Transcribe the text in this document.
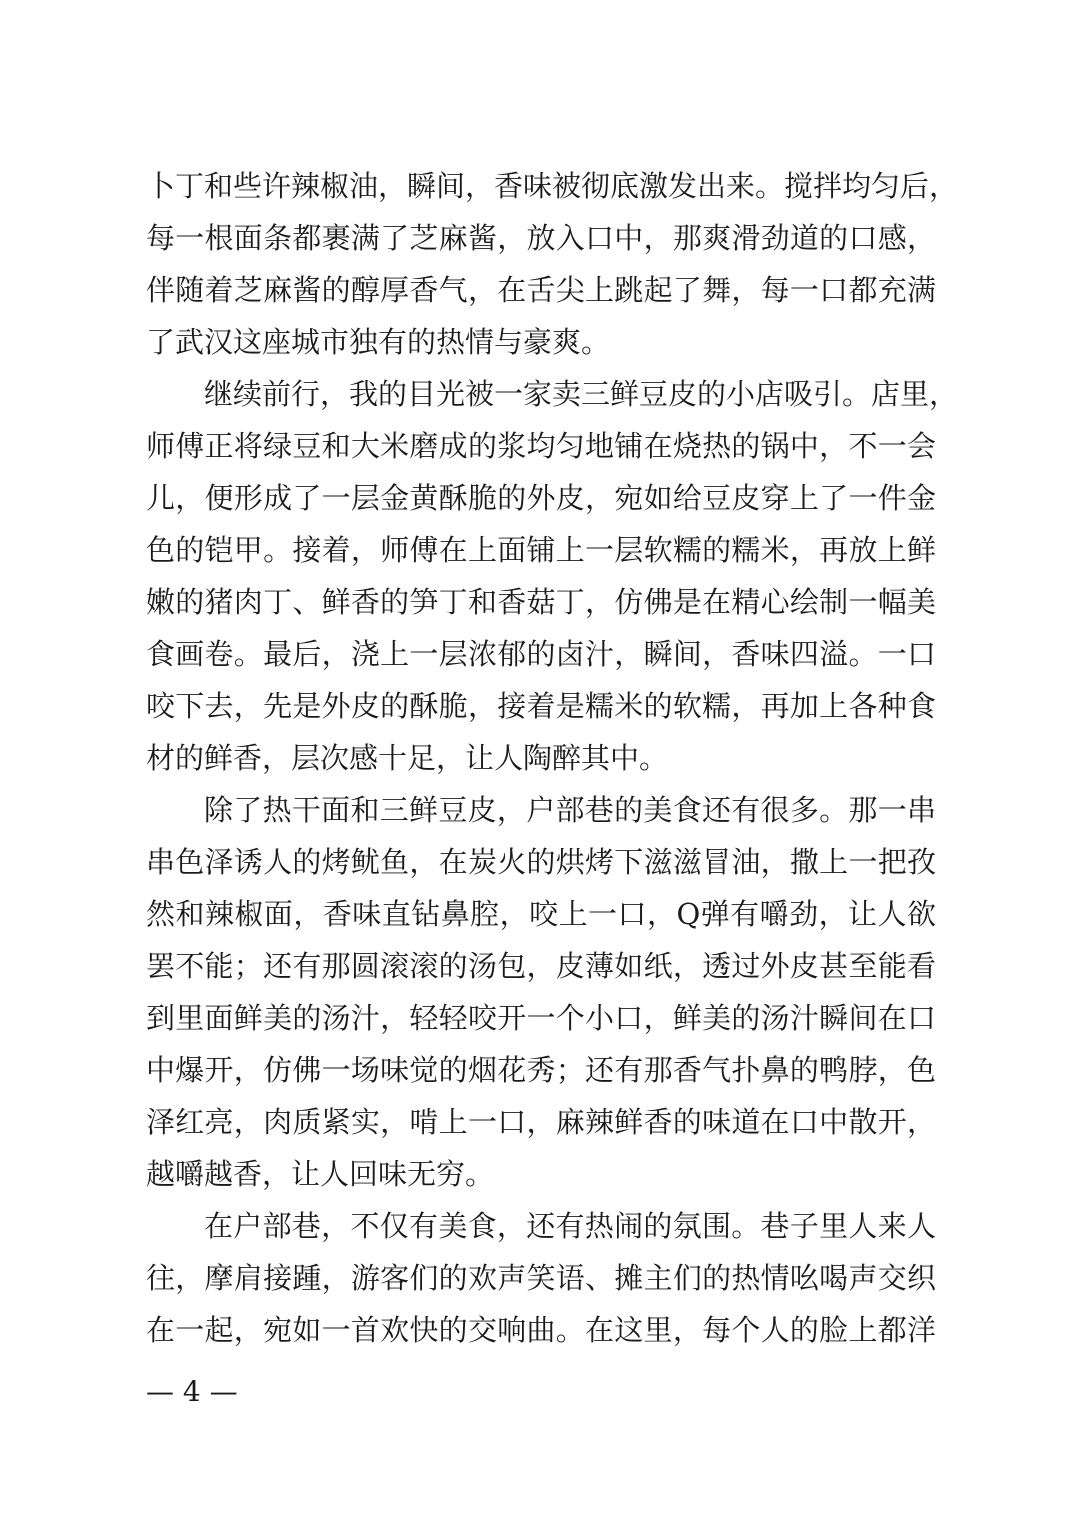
卜丁和些许辣椒油，瞬间，香味被彻底激发出来。搅拌均匀后，
每一根面条都裹满了芝麻酱，放入口中，那爽滑劲道的口感，
伴随着芝麻酱的醇厚香气，在舌尖上跳起了舞，每一口都充满
了武汉这座城市独有的热情与豪爽。
继续前行，我的目光被一家卖三鲜豆皮的小店吸引。店里，
师傅正将绿豆和大米磨成的浆均匀地铺在烧热的锅中，不一会
儿，便形成了一层金黄酥脆的外皮，宛如给豆皮穿上了一件金
色的铠甲。接着，师傅在上面铺上一层软糯的糯米，再放上鲜
嫩的猪肉丁、鲜香的笋丁和香菇丁，仿佛是在精心绘制一幅美
食画卷。最后，浇上一层浓郁的卤汁，瞬间，香味四溢。一口
咬下去，先是外皮的酥脆，接着是糯米的软糯，再加上各种食
材的鲜香，层次感十足，让人陶醉其中。
除了热干面和三鲜豆皮，户部巷的美食还有很多。那一串
串色泽诱人的烤鱿鱼，在炭火的烘烤下滋滋冒油，撒上一把孜
然和辣椒面，香味直钻鼻腔，咬上一口，Q弹有嚼劲，让人欲
罢不能；还有那圆滚滚的汤包，皮薄如纸，透过外皮甚至能看
到里面鲜美的汤汁，轻轻咬开一个小口，鲜美的汤汁瞬间在口
中爆开，仿佛一场味觉的烟花秀；还有那香气扑鼻的鸭脖，色
泽红亮，肉质紧实，啃上一口，麻辣鲜香的味道在口中散开，
越嚼越香，让人回味无穷。
在户部巷，不仅有美食，还有热闹的氛围。巷子里人来人
往，摩肩接踵，游客们的欢声笑语、摊主们的热情吆喝声交织
在一起，宛如一首欢快的交响曲。在这里，每个人的脸上都洋
— 4 —
